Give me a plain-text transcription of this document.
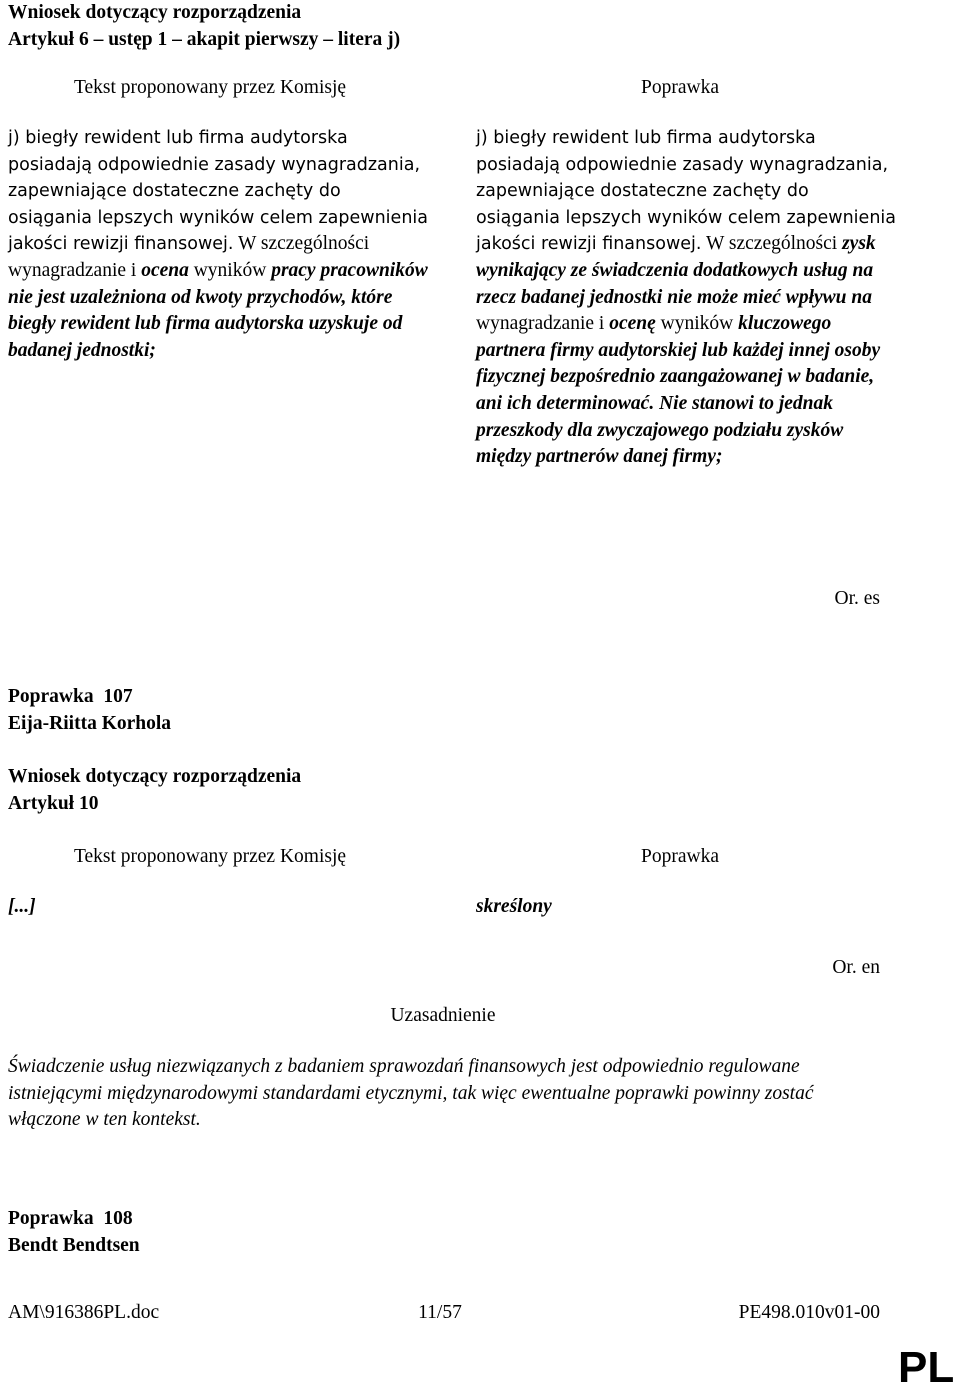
Wniosek dotyczący rozporządzenia
Artykuł 6 – ustęp 1 – akapit pierwszy – litera j)
Tekst proponowany przez Komisję	Poprawka
j) biegły rewident lub firma audytorska posiadają odpowiednie zasady wynagradzania, zapewniające dostateczne zachęty do osiągania lepszych wyników celem zapewnienia jakości rewizji finansowej. W szczególności wynagradzanie i ocena wyników pracy pracowników nie jest uzależniona od kwoty przychodów, które biegły rewident lub firma audytorska uzyskuje od badanej jednostki;
j) biegły rewident lub firma audytorska posiadają odpowiednie zasady wynagradzania, zapewniające dostateczne zachęty do osiągania lepszych wyników celem zapewnienia jakości rewizji finansowej. W szczególności zysk wynikający ze świadczenia dodatkowych usług na rzecz badanej jednostki nie może mieć wpływu na wynagradzanie i ocenę wyników kluczowego partnera firmy audytorskiej lub każdej innej osoby fizycznej bezpośrednio zaangażowanej w badanie, ani ich determinować. Nie stanowi to jednak przeszkody dla zwyczajowego podziału zysków między partnerów danej firmy;
Or. es
Poprawka 107
Eija-Riitta Korhola
Wniosek dotyczący rozporządzenia
Artykuł 10
Tekst proponowany przez Komisję	Poprawka
[...]	skreślony
Or. en
Uzasadnienie
Świadczenie usług niezwiązanych z badaniem sprawozdań finansowych jest odpowiednio regulowane istniejącymi międzynarodowymi standardami etycznymi, tak więc ewentualne poprawki powinny zostać włączone w ten kontekst.
Poprawka 108
Bendt Bendtsen
AM\916386PL.doc	11/57	PE498.010v01-00
PL
